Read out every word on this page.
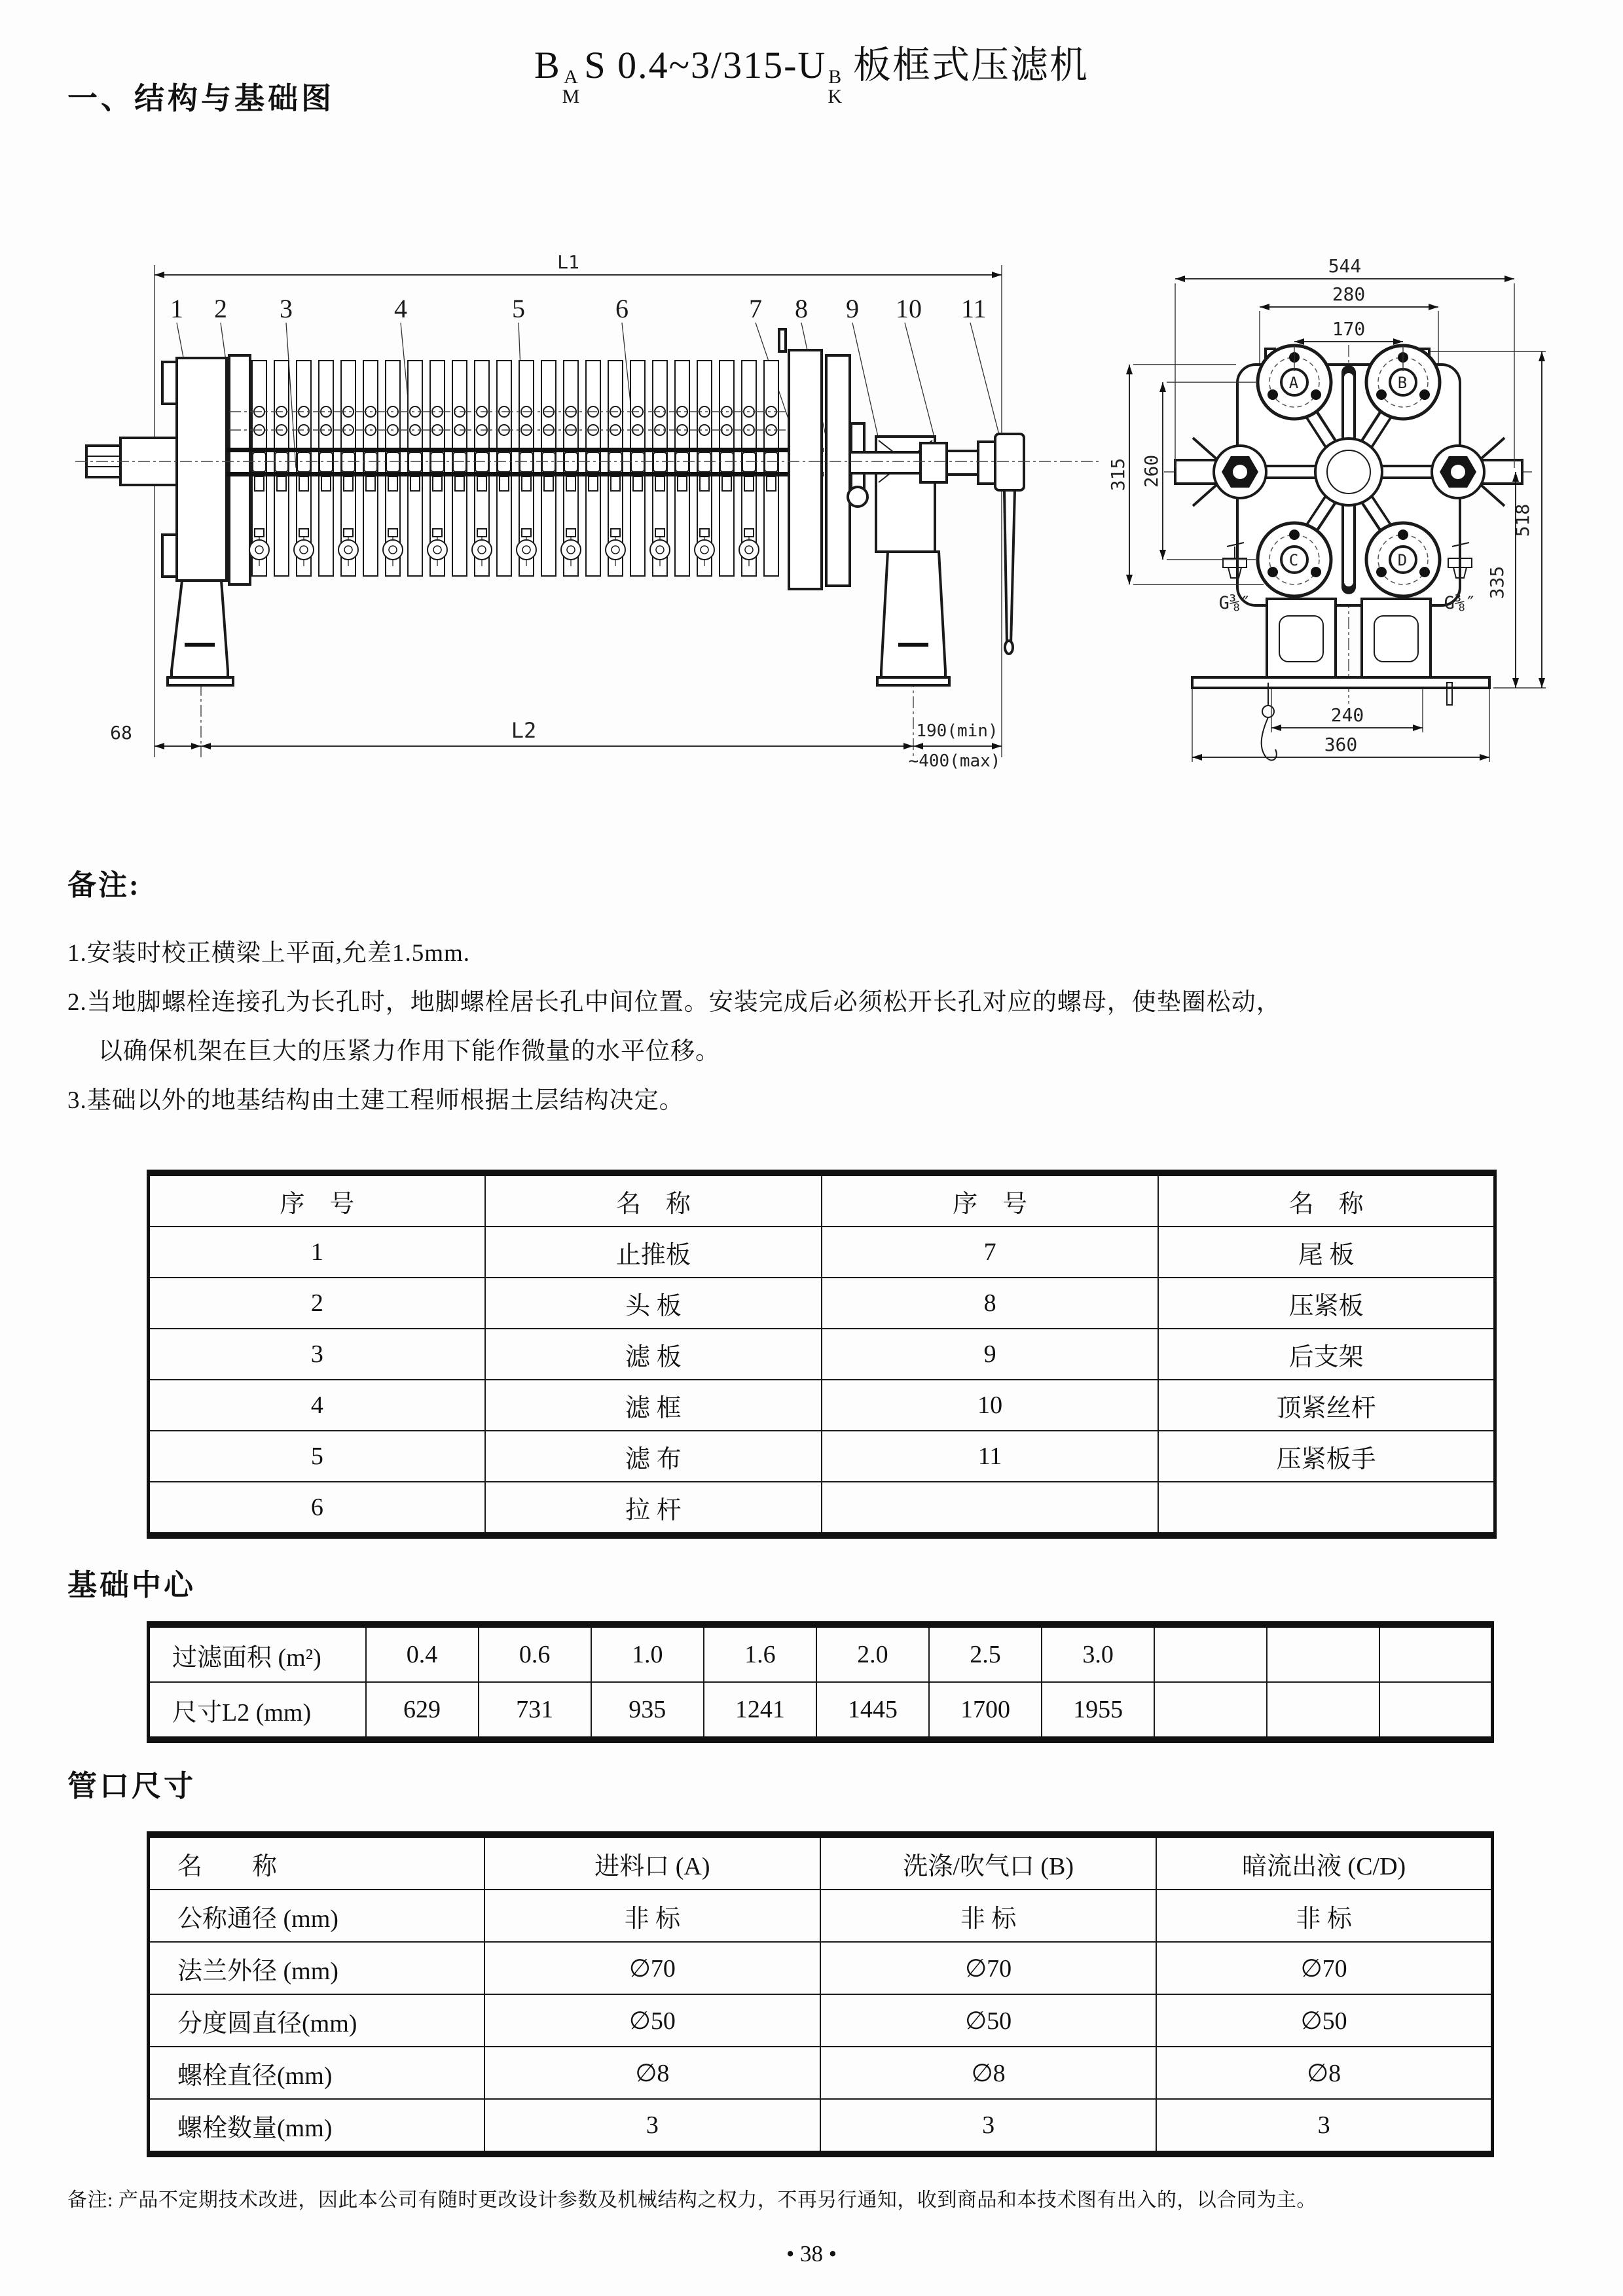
B A
M
S 0.4~3/315-U B
K
板框式压滤机
一、结构与基础图
L1
1 2 3	4	5	6	7 8 9 10 11
68	L2	190(min)
~400(max)
A	B
C	D
G⅜″	G⅜″
544
280
170
315 260
518
335
240
360
备注:
1.安装时校正横梁上平面,允差1.5mm.
2.当地脚螺栓连接孔为长孔时，地脚螺栓居长孔中间位置。安装完成后必须松开长孔对应的螺母，使垫圈松动，
以确保机架在巨大的压紧力作用下能作微量的水平位移。
3.基础以外的地基结构由土建工程师根据土层结构决定。
序　号	名　称	序　号	名　称
1	止推板	7	尾 板
2	头 板	8	压紧板
3	滤 板	9	后支架
4	滤 框	10	顶紧丝杆
5	滤 布	11	压紧板手
6	拉 杆		
基础中心
过滤面积 (m²)	0.4	0.6	1.0	1.6	2.0	2.5	3.0			
尺寸L2 (mm)	629	731	935	1241	1445	1700	1955			
管口尺寸
名　　称	进料口 (A)	洗涤/吹气口 (B)	暗流出液 (C/D)
公称通径 (mm)	非 标	非 标	非 标
法兰外径 (mm)	∅70	∅70	∅70
分度圆直径(mm)	∅50	∅50	∅50
螺栓直径(mm)	∅8	∅8	∅8
螺栓数量(mm)	3	3	3
备注: 产品不定期技术改进，因此本公司有随时更改设计参数及机械结构之权力，不再另行通知，收到商品和本技术图有出入的，以合同为主。
• 38 •
